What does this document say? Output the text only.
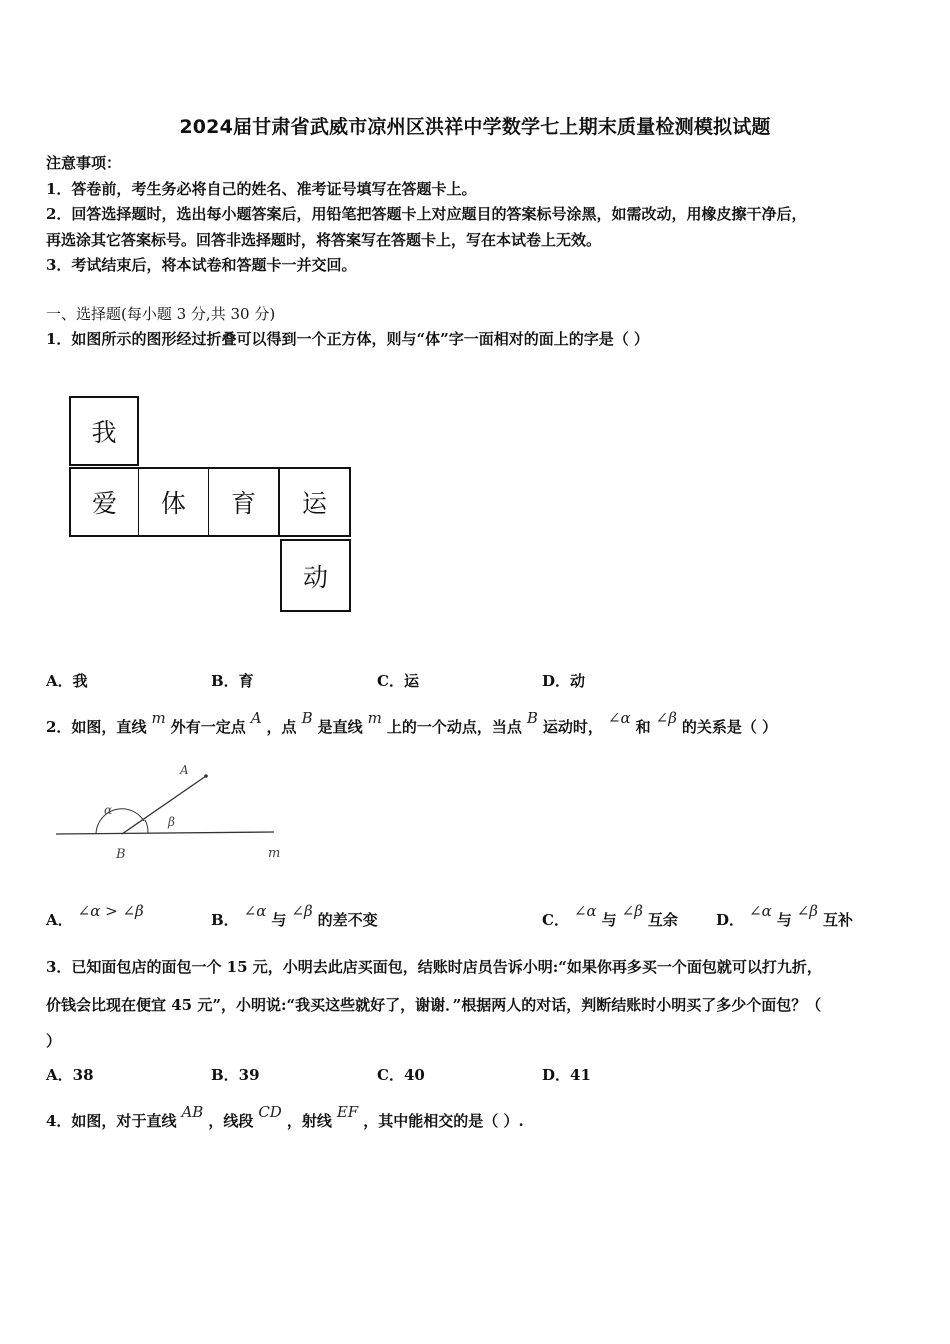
2024届甘肃省武威市凉州区洪祥中学数学七上期末质量检测模拟试题
注意事项：
1．答卷前，考生务必将自己的姓名、准考证号填写在答题卡上。
2．回答选择题时，选出每小题答案后，用铅笔把答题卡上对应题目的答案标号涂黑，如需改动，用橡皮擦干净后，
再选涂其它答案标号。回答非选择题时，将答案写在答题卡上，写在本试卷上无效。
3．考试结束后，将本试卷和答题卡一并交回。
一、选择题(每小题 3 分,共 30 分)
1．如图所示的图形经过折叠可以得到一个正方体，则与“体”字一面相对的面上的字是（ ）
我
爱	体	育	运
动
A．我	B．育	C．运	D．动
2．如图，直线 m 外有一定点 A ，点 B 是直线 m 上的一个动点，当点 B 运动时， ∠α 和 ∠β 的关系是（ ）
A
α
β
B	m
A． ∠α > ∠β	B． ∠α 与 ∠β 的差不变	C． ∠α 与 ∠β 互余	D． ∠α 与 ∠β 互补
3．已知面包店的面包一个 15 元，小明去此店买面包，结账时店员告诉小明:“如果你再多买一个面包就可以打九折，
价钱会比现在便宜 45 元”，小明说:“我买这些就好了，谢谢．”根据两人的对话，判断结账时小明买了多少个面包？（
）
A．38	B．39	C．40	D．41
4．如图，对于直线 AB ，线段 CD ，射线 EF ，其中能相交的是（ ）.
